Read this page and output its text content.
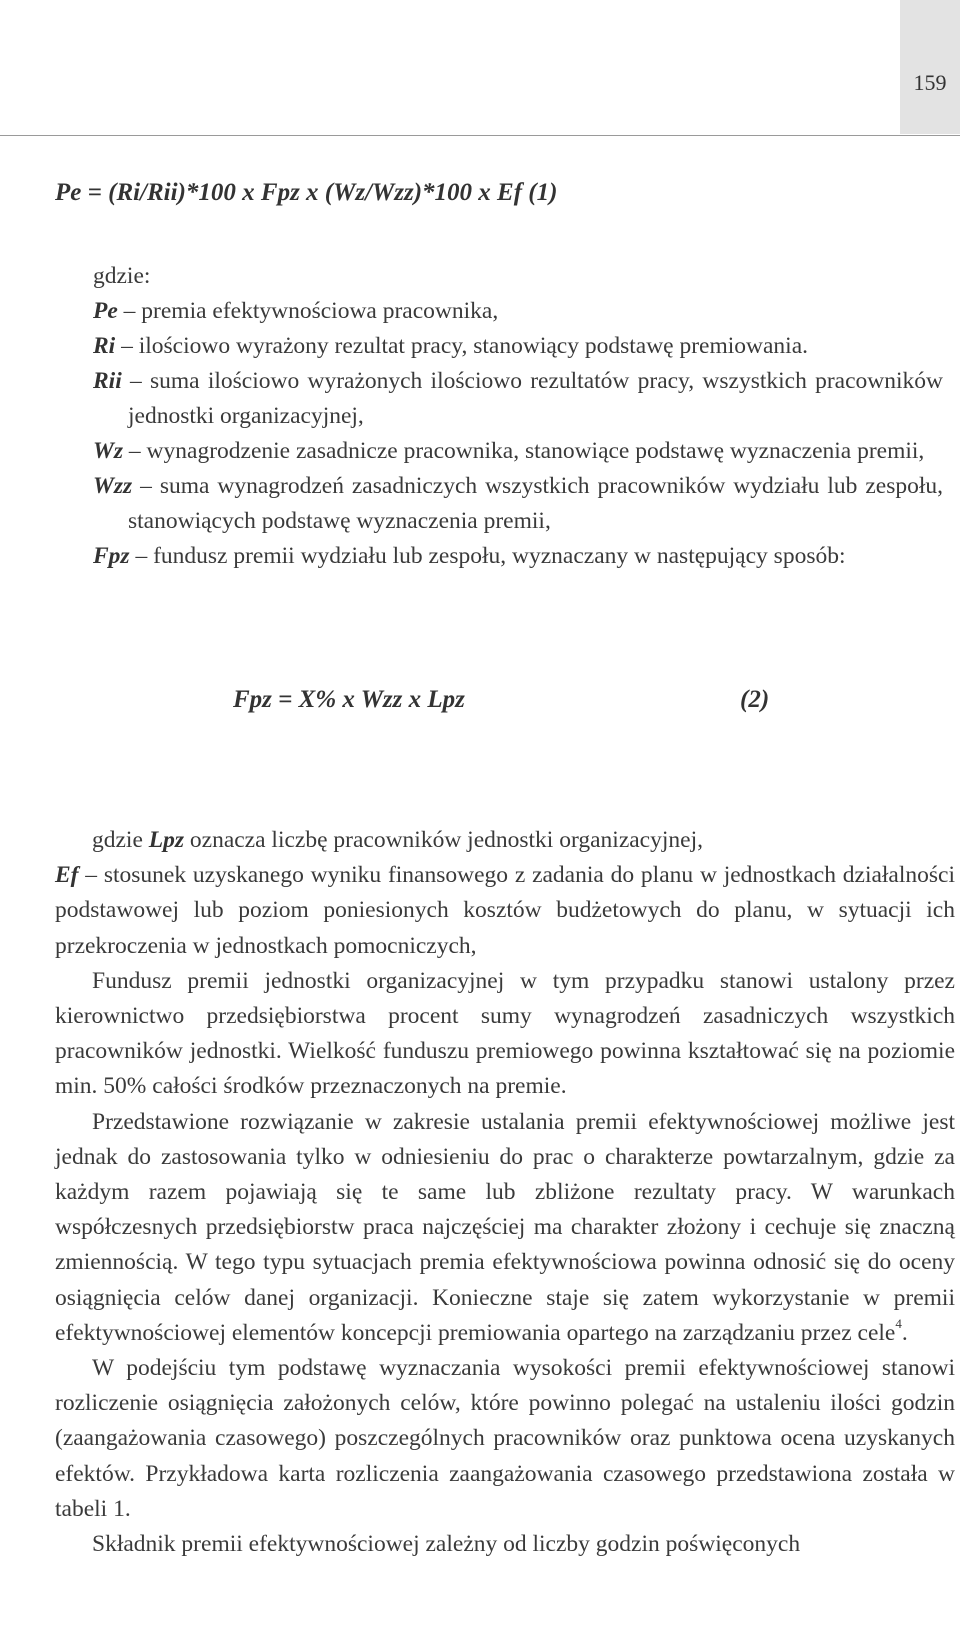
159
Pe = (Ri/Rii)*100 x Fpz x (Wz/Wzz)*100 x Ef (1)

gdzie:

Pe – premia efektywnościowa pracownika,

Ri – ilościowo wyrażony rezultat pracy, stanowiący podstawę premiowania.

Rii – suma ilościowo wyrażonych ilościowo rezultatów pracy, wszystkich pracowników jednostki organizacyjnej,

Wz – wynagrodzenie zasadnicze pracownika, stanowiące podstawę wyznaczenia premii,

Wzz – suma wynagrodzeń zasadniczych wszystkich pracowników wydziału lub zespołu, stanowiących podstawę wyznaczenia premii,

Fpz – fundusz premii wydziału lub zespołu, wyznaczany w następujący sposób:

Fpz = X% x Wzz x Lpz	(2)

gdzie Lpz oznacza liczbę pracowników jednostki organizacyjnej,

Ef – stosunek uzyskanego wyniku finansowego z zadania do planu w jednostkach działalności podstawowej lub poziom poniesionych kosztów budżetowych do planu, w sytuacji ich przekroczenia w jednostkach pomocniczych,

Fundusz premii jednostki organizacyjnej w tym przypadku stanowi ustalony przez kierownictwo przedsiębiorstwa procent sumy wynagrodzeń zasadniczych wszystkich pracowników jednostki. Wielkość funduszu premiowego powinna kształtować się na poziomie min. 50% całości środków przeznaczonych na premie.

Przedstawione rozwiązanie w zakresie ustalania premii efektywnościowej możliwe jest jednak do zastosowania tylko w odniesieniu do prac o charakterze powtarzalnym, gdzie za każdym razem pojawiają się te same lub zbliżone rezultaty pracy. W warunkach współczesnych przedsiębiorstw praca najczęściej ma charakter złożony i cechuje się znaczną zmiennością. W tego typu sytuacjach premia efektywnościowa powinna odnosić się do oceny osiągnięcia celów danej organizacji. Konieczne staje się zatem wykorzystanie w premii efektywnościowej elementów koncepcji premiowania opartego na zarządzaniu przez cele$^4$.

W podejściu tym podstawę wyznaczania wysokości premii efektywnościowej stanowi rozliczenie osiągnięcia założonych celów, które powinno polegać na ustaleniu ilości godzin (zaangażowania czasowego) poszczególnych pracowników oraz punktowa ocena uzyskanych efektów. Przykładowa karta rozliczenia zaangażowania czasowego przedstawiona została w tabeli 1.

Składnik premii efektywnościowej zależny od liczby godzin poświęconych
